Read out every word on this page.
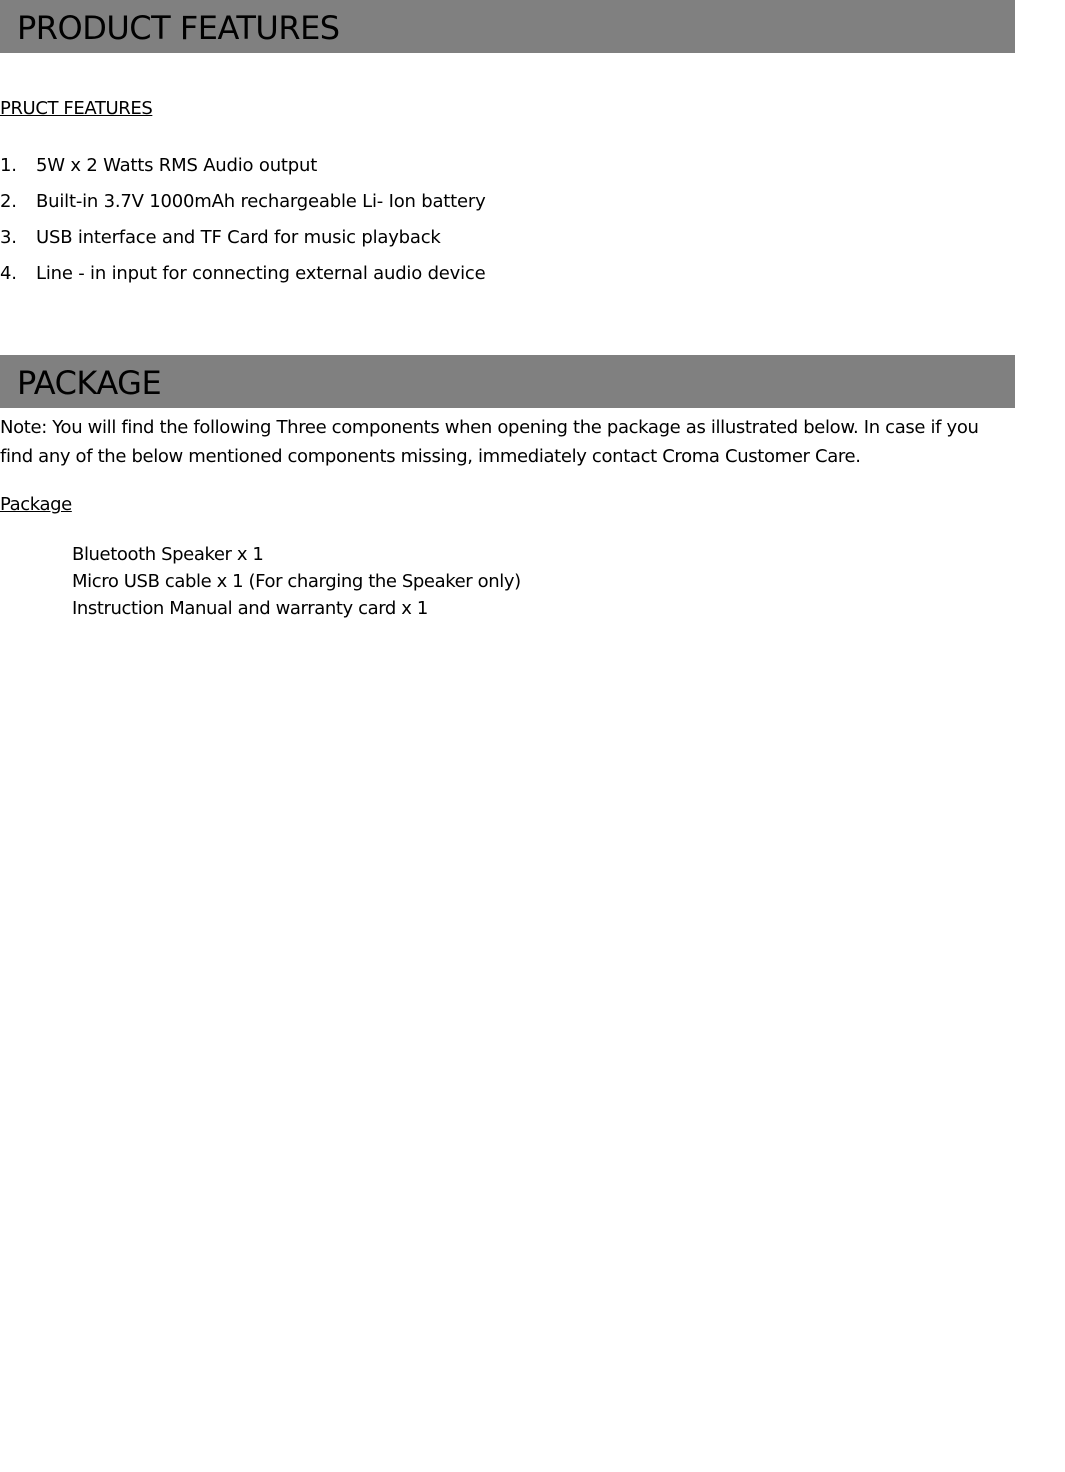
PRODUCT FEATURES
PRUCT FEATURES
1. 5W x 2 Watts RMS Audio output
2. Built-in 3.7V 1000mAh rechargeable Li- Ion battery
3. USB interface and TF Card for music playback
4. Line - in input for connecting external audio device
PACKAGE
Note: You will find the following Three components when opening the package as illustrated below. In case if you
find any of the below mentioned components missing, immediately contact Croma Customer Care.
Package
Bluetooth Speaker x 1
Micro USB cable x 1 (For charging the Speaker only)
Instruction Manual and warranty card x 1
